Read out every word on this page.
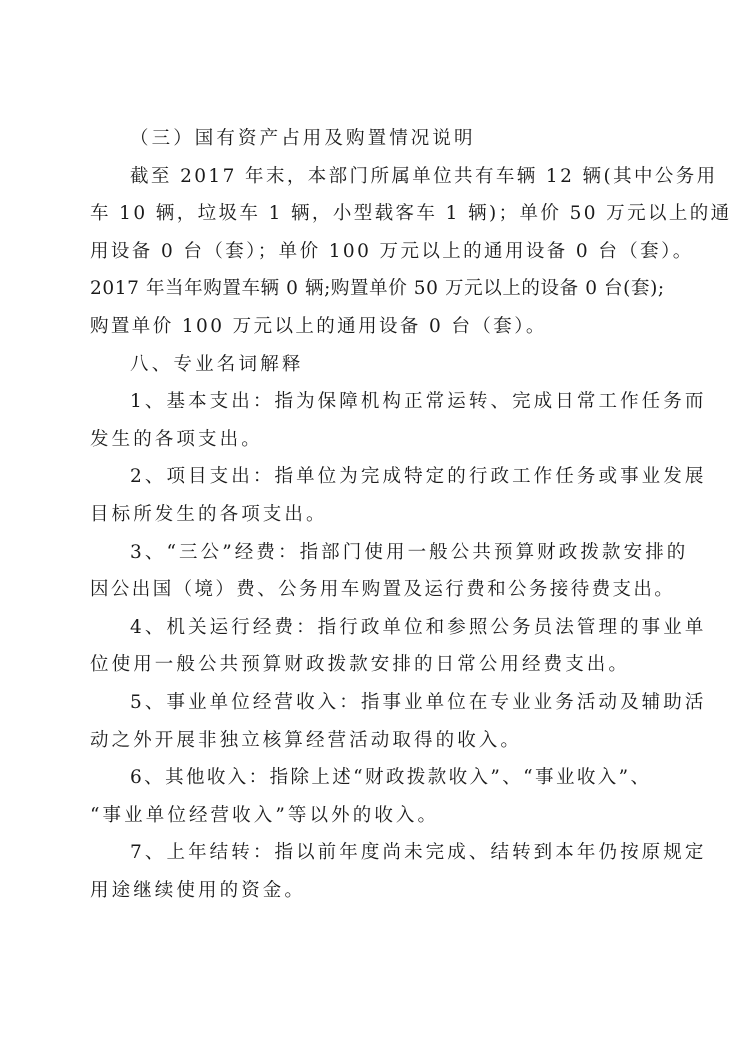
（三）国有资产占用及购置情况说明
截至 2017 年末，本部门所属单位共有车辆 12 辆(其中公务用
车 10 辆，垃圾车 1 辆，小型载客车 1 辆)；单价 50 万元以上的通
用设备 0 台（套）；单价 100 万元以上的通用设备 0 台（套）。
2017 年当年购置车辆 0 辆;购置单价 50 万元以上的设备 0 台(套);
购置单价 100 万元以上的通用设备 0 台（套）。
八、专业名词解释
1、基本支出：指为保障机构正常运转、完成日常工作任务而
发生的各项支出。
2、项目支出：指单位为完成特定的行政工作任务或事业发展
目标所发生的各项支出。
3、“三公”经费：指部门使用一般公共预算财政拨款安排的
因公出国（境）费、公务用车购置及运行费和公务接待费支出。
4、机关运行经费：指行政单位和参照公务员法管理的事业单
位使用一般公共预算财政拨款安排的日常公用经费支出。
5、事业单位经营收入：指事业单位在专业业务活动及辅助活
动之外开展非独立核算经营活动取得的收入。
6、其他收入：指除上述“财政拨款收入”、“事业收入”、
“事业单位经营收入”等以外的收入。
7、上年结转：指以前年度尚未完成、结转到本年仍按原规定
用途继续使用的资金。
